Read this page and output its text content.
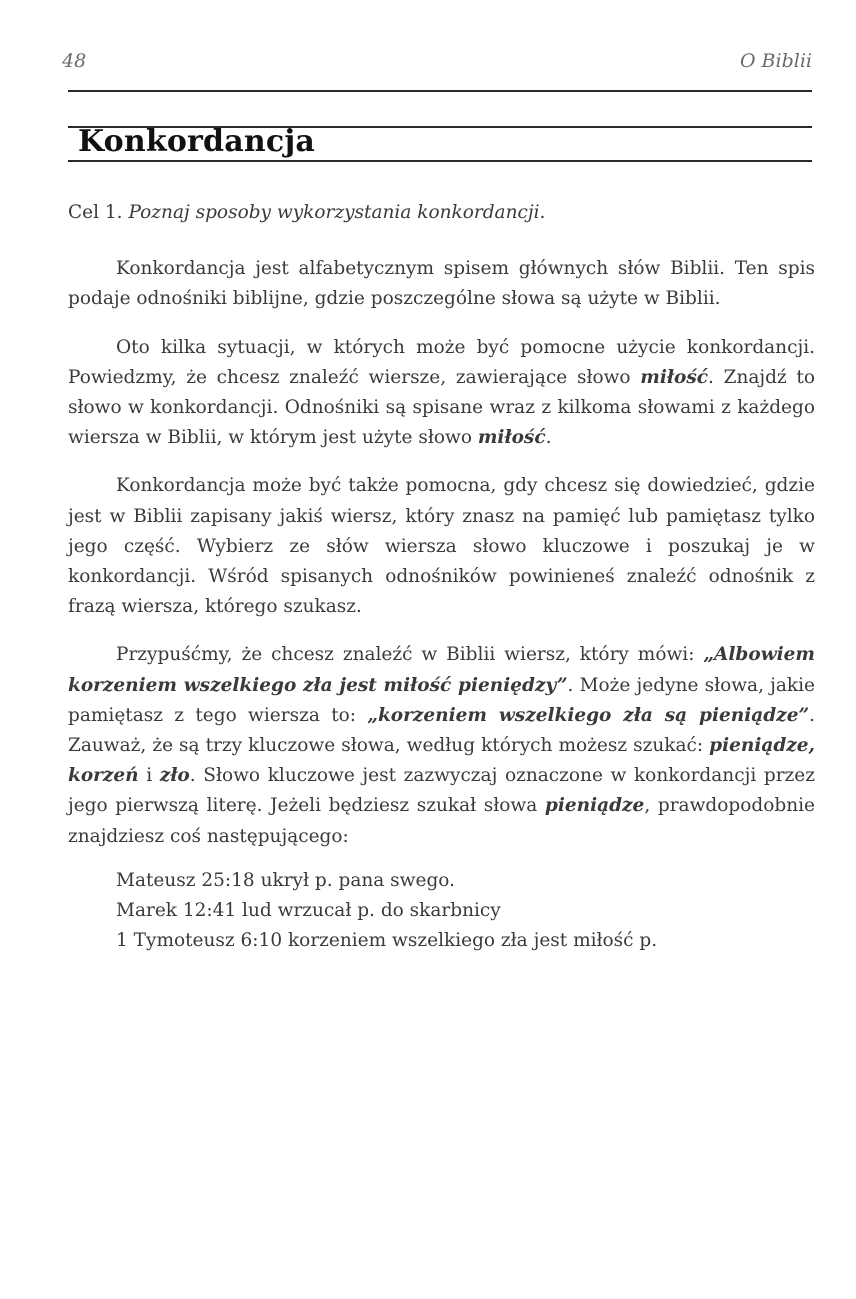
48	O Biblii
Konkordancja

Cel 1. Poznaj sposoby wykorzystania konkordancji.

Konkordancja jest alfabetycznym spisem głównych słów Biblii. Ten spis podaje odnośniki biblijne, gdzie poszczególne słowa są użyte w Biblii.

Oto kilka sytuacji, w których może być pomocne użycie konkordancji. Powiedzmy, że chcesz znaleźć wiersze, zawierające słowo miłość. Znajdź to słowo w konkordancji. Odnośniki są spisane wraz z kilkoma słowami z każdego wiersza w Biblii, w którym jest użyte słowo miłość.

Konkordancja może być także pomocna, gdy chcesz się dowiedzieć, gdzie jest w Biblii zapisany jakiś wiersz, który znasz na pamięć lub pamiętasz tylko jego część. Wybierz ze słów wiersza słowo kluczowe i poszukaj je w konkordancji. Wśród spisanych odnośników powinieneś znaleźć odnośnik z frazą wiersza, którego szukasz.

Przypuśćmy, że chcesz znaleźć w Biblii wiersz, który mówi: „Albowiem korzeniem wszelkiego zła jest miłość pieniędzy”. Może jedyne słowa, jakie pamiętasz z tego wiersza to: „korzeniem wszelkiego zła są pieniądze”. Zauważ, że są trzy kluczowe słowa, według których możesz szukać: pieniądze, korzeń i zło. Słowo kluczowe jest zazwyczaj oznaczone w konkordancji przez jego pierwszą literę. Jeżeli będziesz szukał słowa pieniądze, prawdopodobnie znajdziesz coś następującego:

Mateusz 25:18 ukrył p. pana swego.
Marek 12:41 lud wrzucał p. do skarbnicy
1 Tymoteusz 6:10 korzeniem wszelkiego zła jest miłość p.
